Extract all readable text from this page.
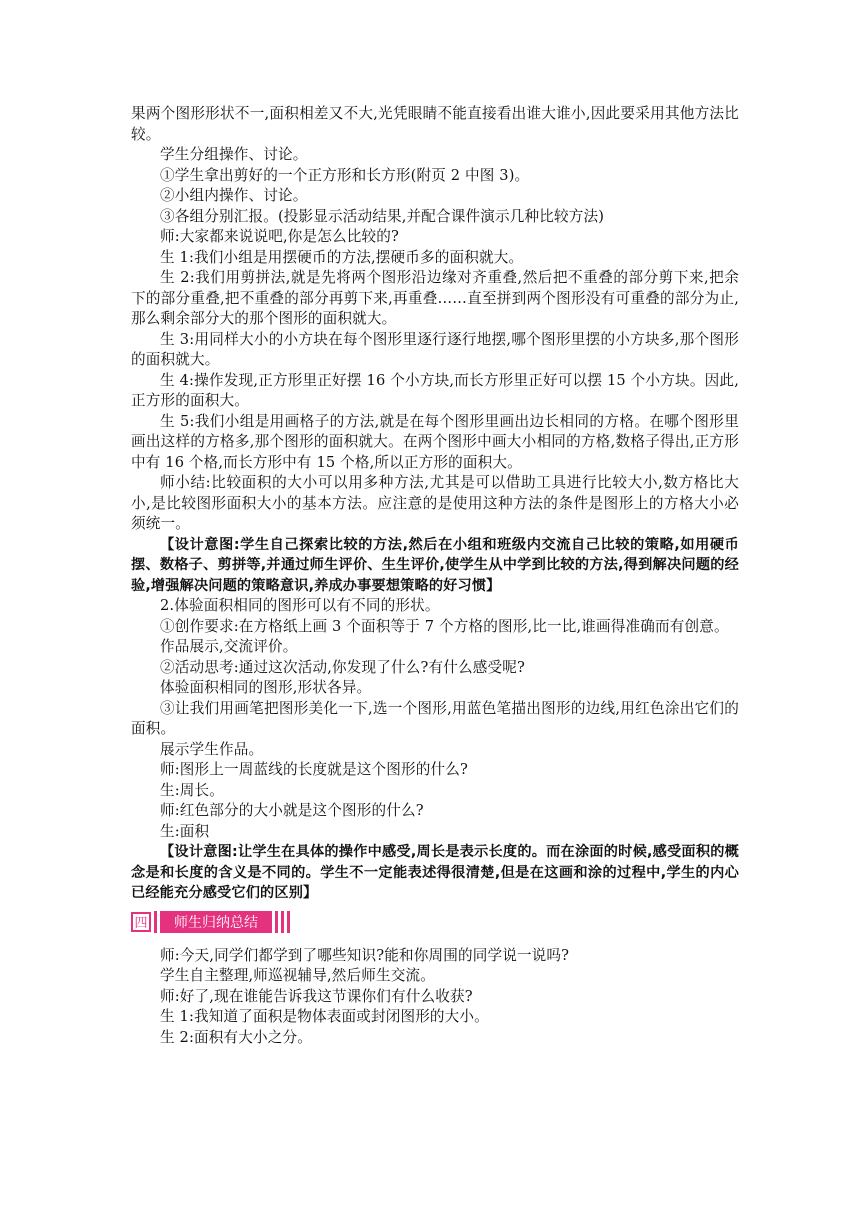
果两个图形形状不一,面积相差又不大,光凭眼睛不能直接看出谁大谁小,因此要采用其他方法比较。

学生分组操作、讨论。

①学生拿出剪好的一个正方形和长方形(附页 2 中图 3)。

②小组内操作、讨论。

③各组分别汇报。(投影显示活动结果,并配合课件演示几种比较方法)

师:大家都来说说吧,你是怎么比较的?

生 1:我们小组是用摆硬币的方法,摆硬币多的面积就大。

生 2:我们用剪拼法,就是先将两个图形沿边缘对齐重叠,然后把不重叠的部分剪下来,把余下的部分重叠,把不重叠的部分再剪下来,再重叠……直至拼到两个图形没有可重叠的部分为止,那么剩余部分大的那个图形的面积就大。

生 3:用同样大小的小方块在每个图形里逐行逐行地摆,哪个图形里摆的小方块多,那个图形的面积就大。

生 4:操作发现,正方形里正好摆 16 个小方块,而长方形里正好可以摆 15 个小方块。因此,正方形的面积大。

生 5:我们小组是用画格子的方法,就是在每个图形里画出边长相同的方格。在哪个图形里画出这样的方格多,那个图形的面积就大。在两个图形中画大小相同的方格,数格子得出,正方形中有 16 个格,而长方形中有 15 个格,所以正方形的面积大。

师小结:比较面积的大小可以用多种方法,尤其是可以借助工具进行比较大小,数方格比大小,是比较图形面积大小的基本方法。应注意的是使用这种方法的条件是图形上的方格大小必须统一。

【设计意图:学生自己探索比较的方法,然后在小组和班级内交流自己比较的策略,如用硬币摆、数格子、剪拼等,并通过师生评价、生生评价,使学生从中学到比较的方法,得到解决问题的经验,增强解决问题的策略意识,养成办事要想策略的好习惯】

2.体验面积相同的图形可以有不同的形状。

①创作要求:在方格纸上画 3 个面积等于 7 个方格的图形,比一比,谁画得准确而有创意。

作品展示,交流评价。

②活动思考:通过这次活动,你发现了什么?有什么感受呢?

体验面积相同的图形,形状各异。

③让我们用画笔把图形美化一下,选一个图形,用蓝色笔描出图形的边线,用红色涂出它们的面积。

展示学生作品。

师:图形上一周蓝线的长度就是这个图形的什么?

生:周长。

师:红色部分的大小就是这个图形的什么?

生:面积

【设计意图:让学生在具体的操作中感受,周长是表示长度的。而在涂面的时候,感受面积的概念是和长度的含义是不同的。学生不一定能表述得很清楚,但是在这画和涂的过程中,学生的内心已经能充分感受它们的区别】

四	师生归纳总结

师:今天,同学们都学到了哪些知识?能和你周围的同学说一说吗?

学生自主整理,师巡视辅导,然后师生交流。

师:好了,现在谁能告诉我这节课你们有什么收获?

生 1:我知道了面积是物体表面或封闭图形的大小。

生 2:面积有大小之分。
